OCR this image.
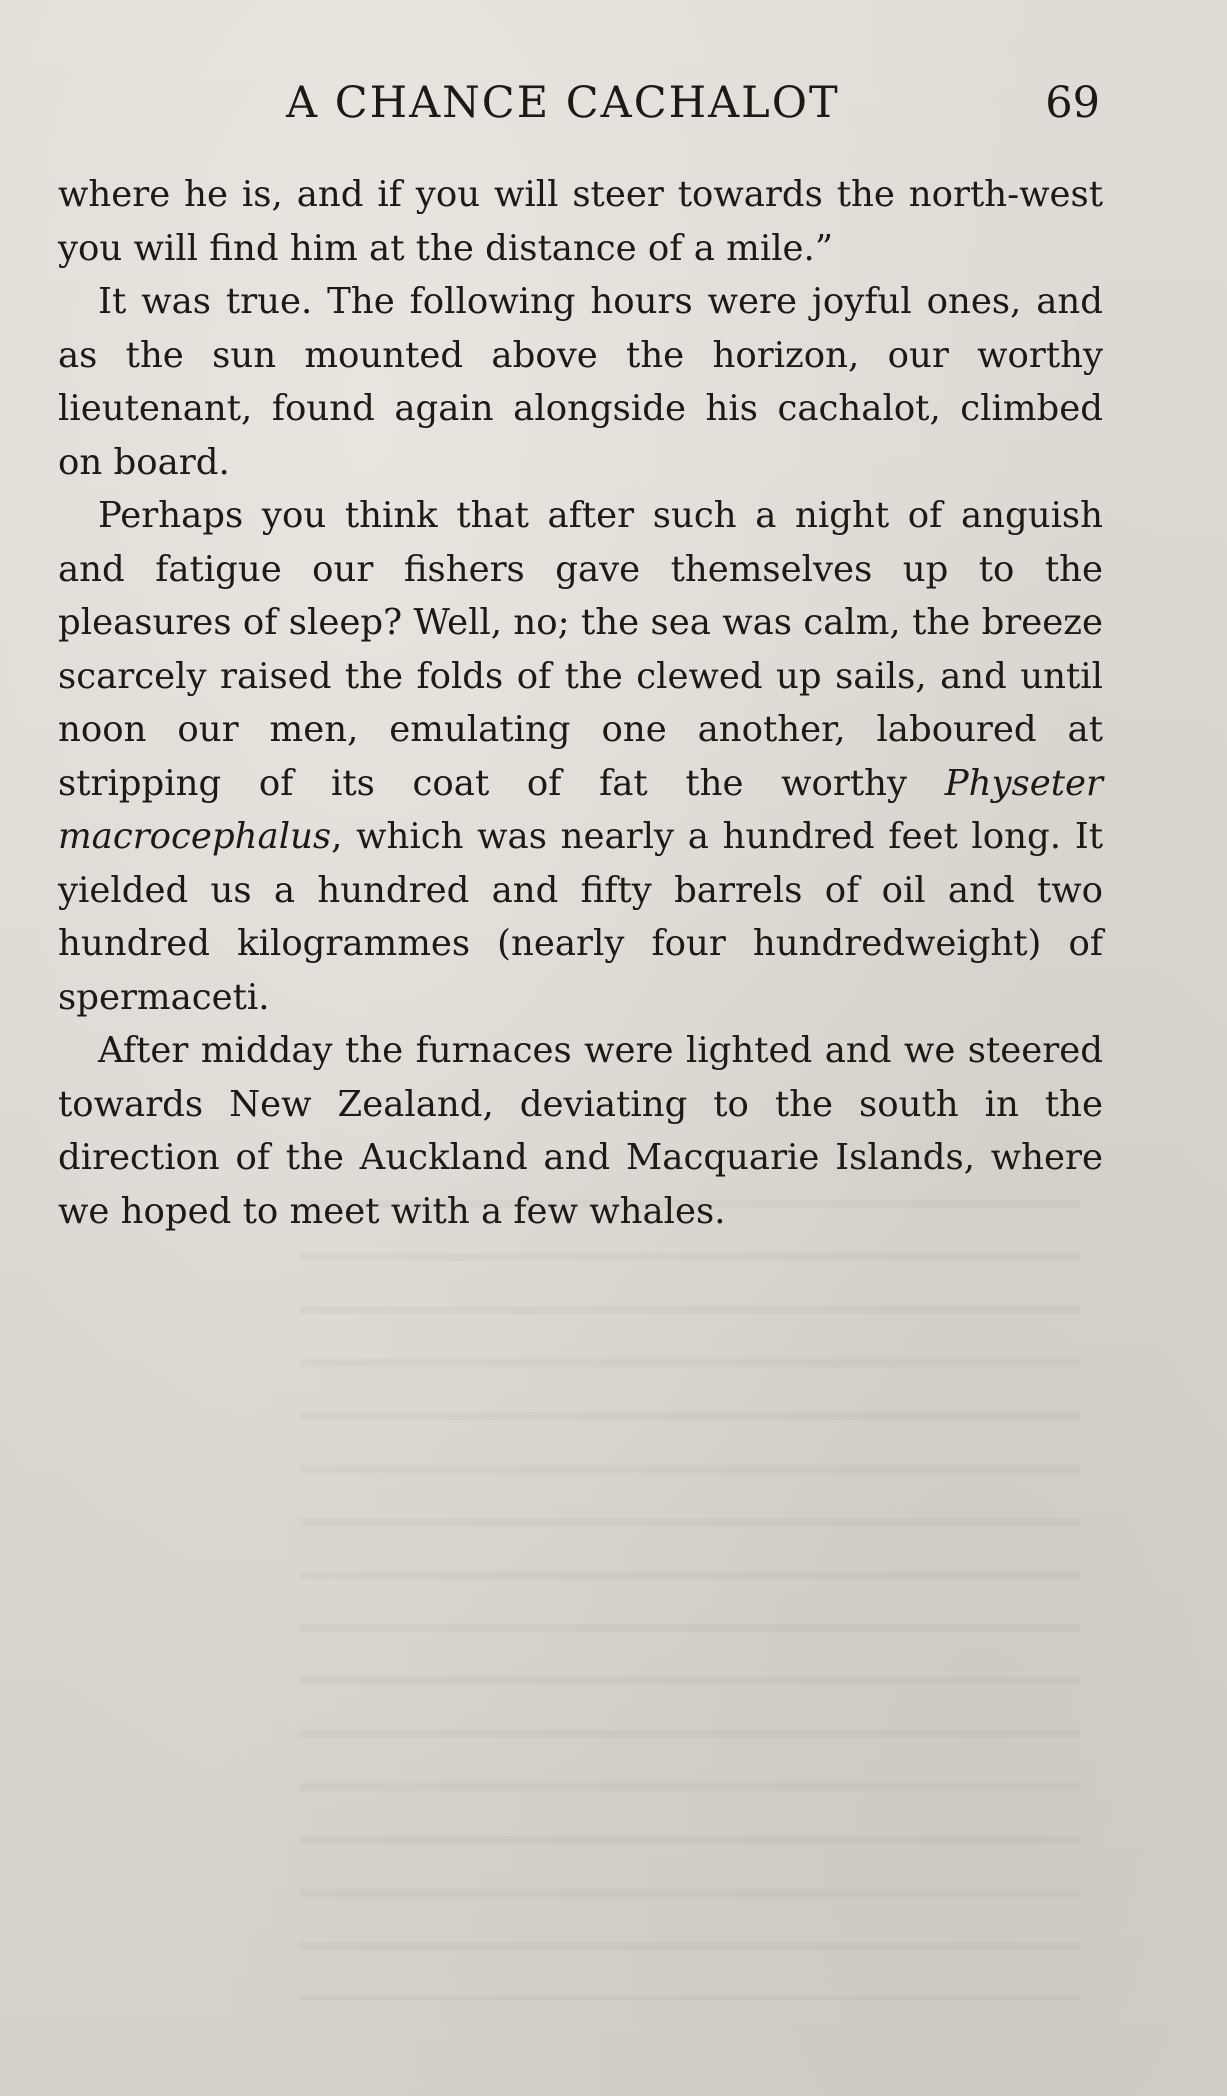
A CHANCE CACHALOT	69

where he is, and if you will steer towards the north-west you will find him at the distance of a mile.”

It was true. The following hours were joyful ones, and as the sun mounted above the horizon, our worthy lieutenant, found again alongside his cachalot, climbed on board.

Perhaps you think that after such a night of anguish and fatigue our fishers gave themselves up to the pleasures of sleep? Well, no; the sea was calm, the breeze scarcely raised the folds of the clewed up sails, and until noon our men, emulating one another, laboured at stripping of its coat of fat the worthy Physeter macrocephalus, which was nearly a hundred feet long. It yielded us a hundred and fifty barrels of oil and two hundred kilogrammes (nearly four hundredweight) of spermaceti.

After midday the furnaces were lighted and we steered towards New Zealand, deviating to the south in the direction of the Auckland and Macquarie Islands, where we hoped to meet with a few whales.
